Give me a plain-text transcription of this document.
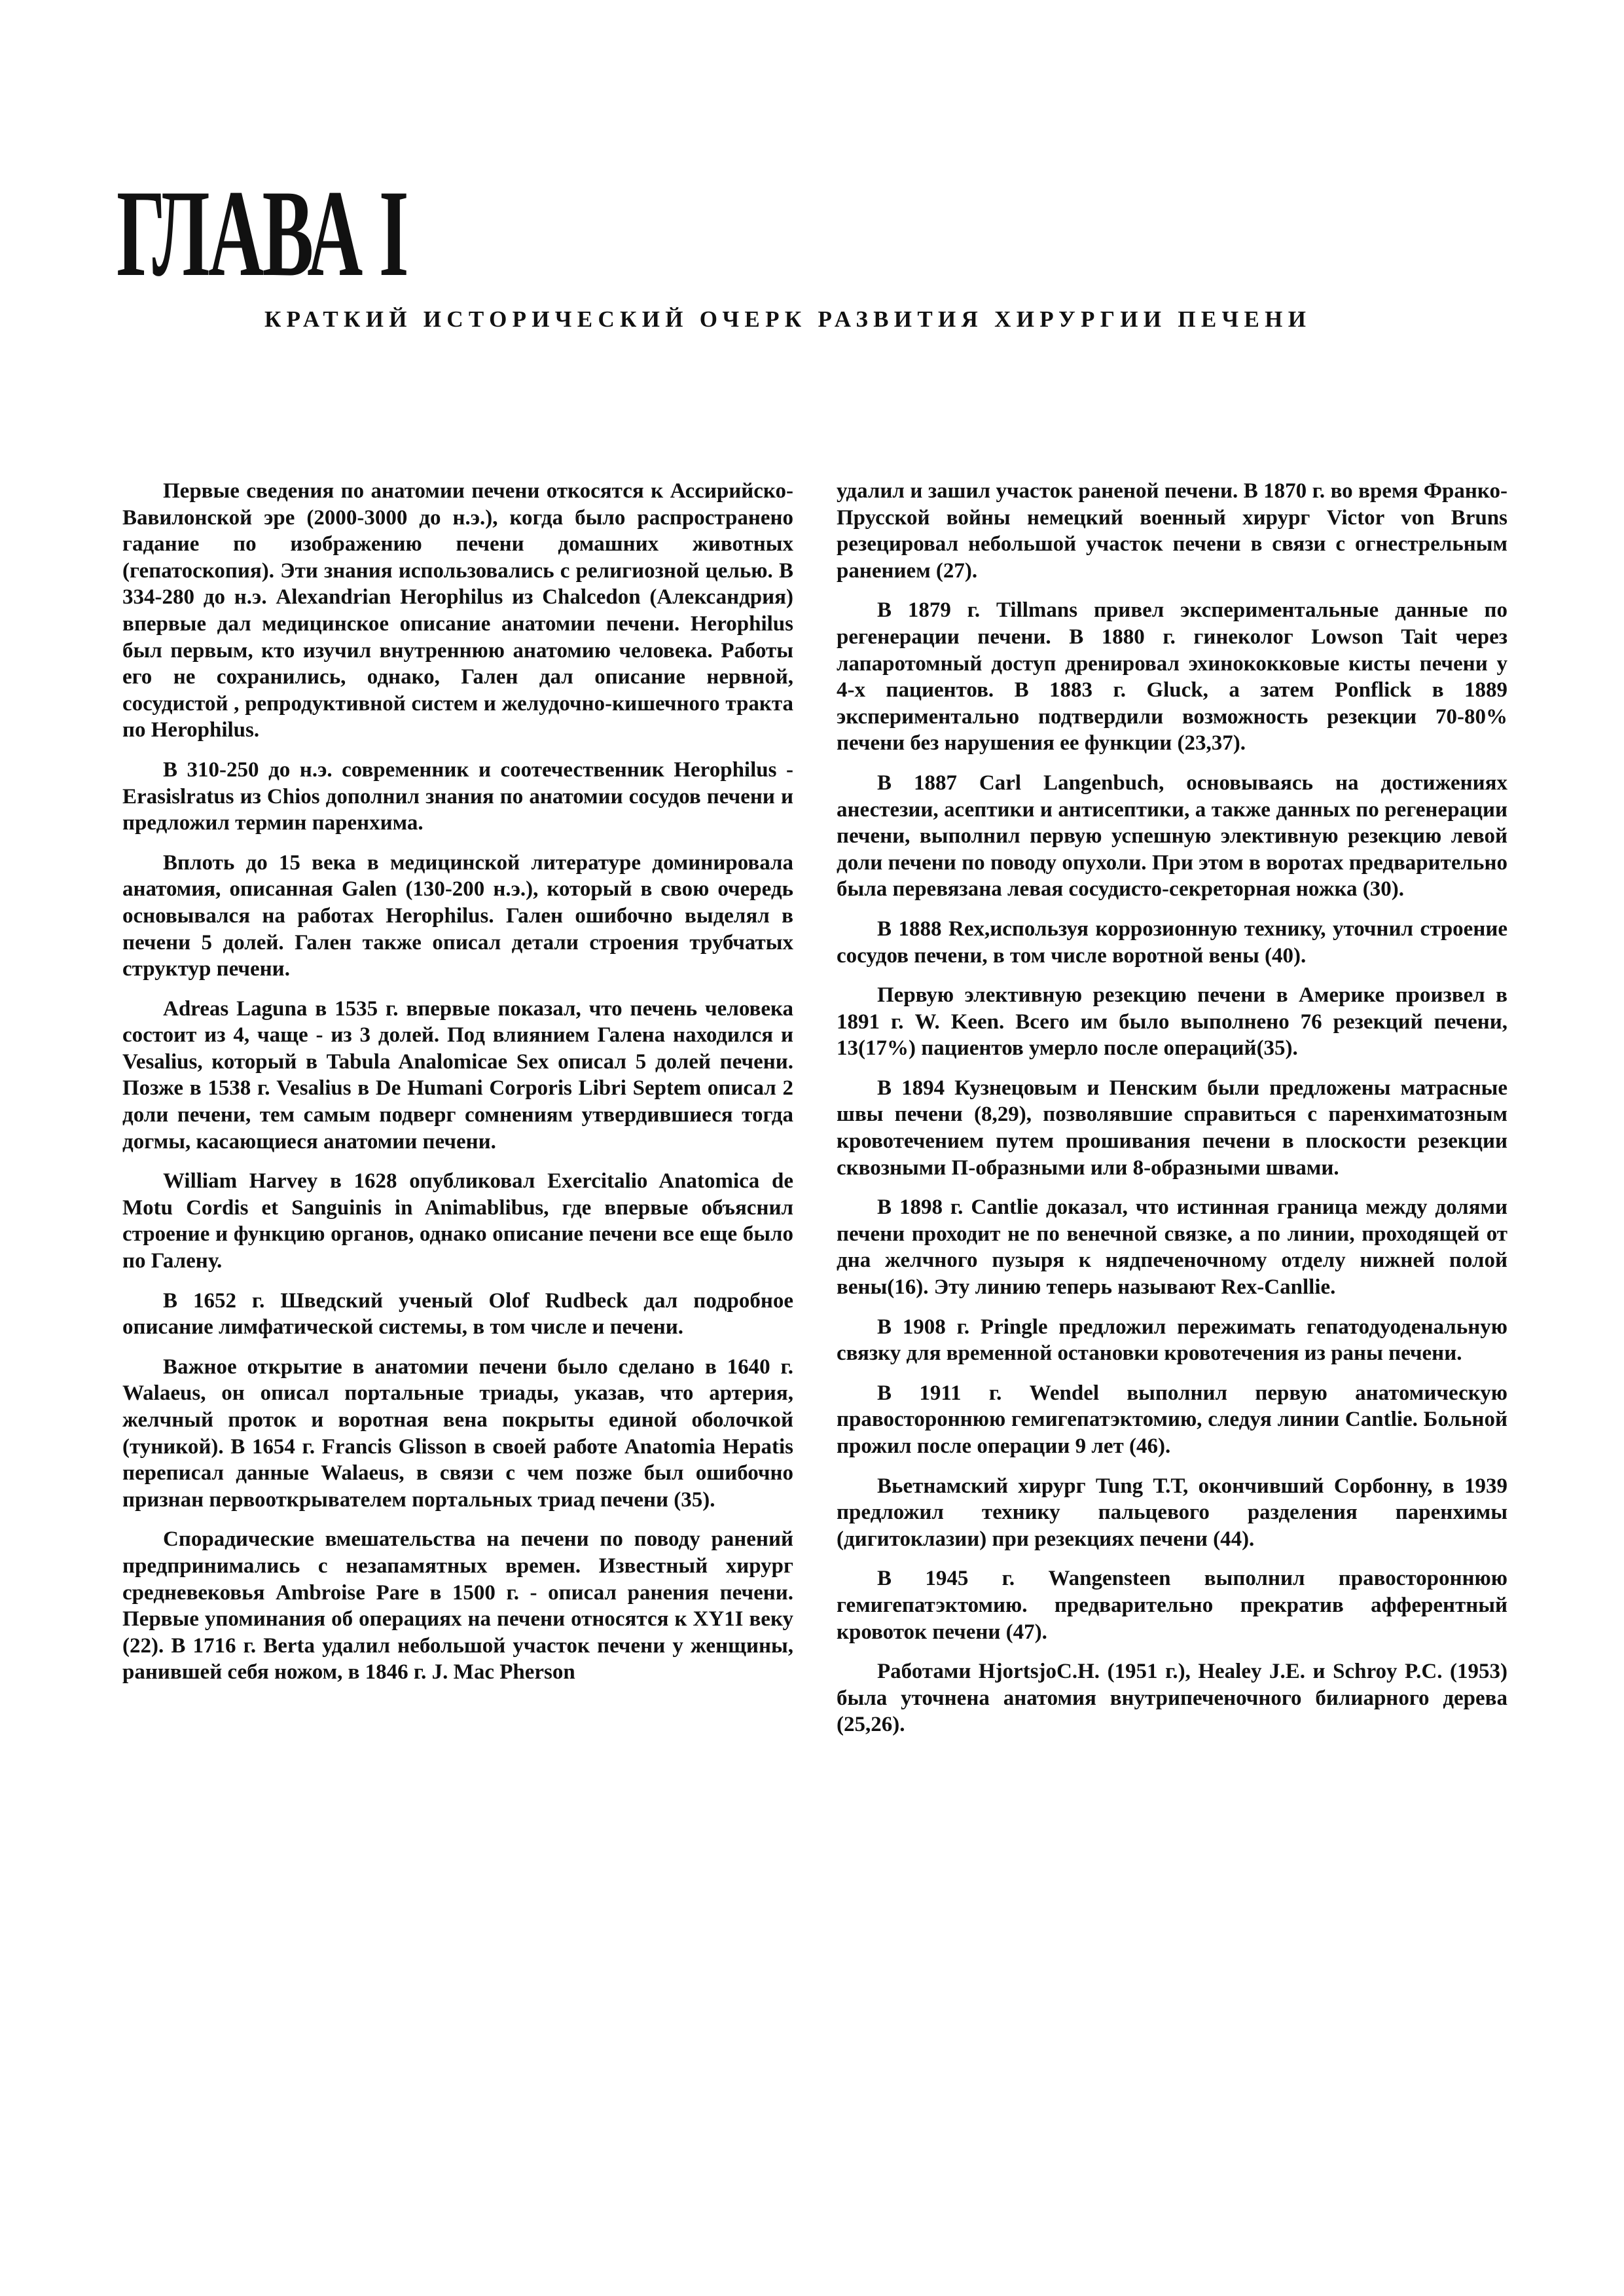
ГЛАВА I
КРАТКИЙ ИСТОРИЧЕСКИЙ ОЧЕРК РАЗВИТИЯ ХИРУРГИИ ПЕЧЕНИ

Первые сведения по анатомии печени откосятся к Ассирийско-Вавилонской эре (2000-3000 до н.э.), когда было распространено гадание по изображению печени домашних животных (гепатоскопия). Эти знания использовались с религиозной целью. В 334-280 до н.э. Alexandrian Herophilus из Chalcedon (Александрия) впервые дал медицинское описание анатомии печени. Herophilus был первым, кто изучил внутреннюю анатомию человека. Работы его не сохранились, однако, Гален дал описание нервной, сосудистой , репродуктивной систем и желудочно-кишечного тракта по Herophilus.

В 310-250 до н.э. современник и соотечественник Herophilus - Erasislratus из Chios дополнил знания по анатомии сосудов печени и предложил термин паренхима.

Вплоть до 15 века в медицинской литературе доминировала анатомия, описанная Galen (130-200 н.э.), который в свою очередь основывался на работах Herophilus. Гален ошибочно выделял в печени 5 долей. Гален также описал детали строения трубчатых структур печени.

Adreas Laguna в 1535 г. впервые показал, что печень человека состоит из 4, чаще - из 3 долей. Под влиянием Галена находился и Vesalius, который в Tabula Analomicae Sex описал 5 долей печени. Позже в 1538 г. Vesalius в De Humani Corporis Libri Septem описал 2 доли печени, тем самым подверг сомнениям утвердившиеся тогда догмы, касающиеся анатомии печени.

William Harvey в 1628 опубликовал Exercitalio Anatomica de Motu Cordis et Sanguinis in Animablibus, где впервые объяснил строение и функцию органов, однако описание печени все еще было по Галену.

В 1652 г. Шведский ученый Olof Rudbeck дал подробное описание лимфатической системы, в том числе и печени.

Важное открытие в анатомии печени было сделано в 1640 г. Walaeus, он описал портальные триады, указав, что артерия, желчный проток и воротная вена покрыты единой оболочкой (туникой). В 1654 г. Francis Glisson в своей работе Anatomia Hepatis переписал данные Walaeus, в связи с чем позже был ошибочно признан первооткрывателем портальных триад печени (35).

Спорадические вмешательства на печени по поводу ранений предпринимались с незапамятных времен. Известный хирург средневековья Ambroise Pare в 1500 г. - описал ранения печени. Первые упоминания об операциях на печени относятся к XY1I веку (22). В 1716 г. Berta удалил небольшой участок печени у женщины, ранившей себя ножом, в 1846 г. J. Mac Pherson

удалил и зашил участок раненой печени. В 1870 г. во время Франко-Прусской войны немецкий военный хирург Victor von Bruns резецировал небольшой участок печени в связи с огнестрельным ранением (27).

В 1879 г. Tillmans привел экспериментальные данные по регенерации печени. В 1880 г. гинеколог Lowson Tait через лапаротомный доступ дренировал эхинококковые кисты печени у 4-х пациентов. В 1883 г. Gluck, а затем Ponflick в 1889 экспериментально подтвердили возможность резекции 70-80% печени без нарушения ее функции (23,37).

В 1887 Carl Langenbuch, основываясь на достижениях анестезии, асептики и антисептики, а также данных по регенерации печени, выполнил первую успешную элективную резекцию левой доли печени по поводу опухоли. При этом в воротах предварительно была перевязана левая сосудисто-секреторная ножка (30).

В 1888 Rex,используя коррозионную технику, уточнил строение сосудов печени, в том числе воротной вены (40).

Первую элективную резекцию печени в Америке произвел в 1891 г. W. Keen. Всего им было выполнено 76 резекций печени, 13(17%) пациентов умерло после операций(35).

В 1894 Кузнецовым и Пенским были предложены матрасные швы печени (8,29), позволявшие справиться с паренхиматозным кровотечением путем прошивания печени в плоскости резекции сквозными П-образными или 8-образными швами.

В 1898 г. Cantlie доказал, что истинная граница между долями печени проходит не по венечной связке, а по линии, проходящей от дна желчного пузыря к нядпеченочному отделу нижней полой вены(16). Эту линию теперь называют Rex-Canllie.

В 1908 г. Pringle предложил пережимать гепатодуоденальную связку для временной остановки кровотечения из раны печени.

В 1911 г. Wendel выполнил первую анатомическую правостороннюю гемигепатэктомию, следуя линии Cantlie. Больной прожил после операции 9 лет (46).

Вьетнамский хирург Tung Т.Т, окончивший Сорбонну, в 1939 предложил технику пальцевого разделения паренхимы (дигитоклазии) при резекциях печени (44).

В 1945 г. Wangensteen выполнил правостороннюю гемигепатэктомию. предварительно прекратив афферентный кровоток печени (47).

Работами HjortsjoC.H. (1951 г.), Healey J.E. и Schroy P.C. (1953) была уточнена анатомия внутрипеченочного билиарного дерева (25,26).
